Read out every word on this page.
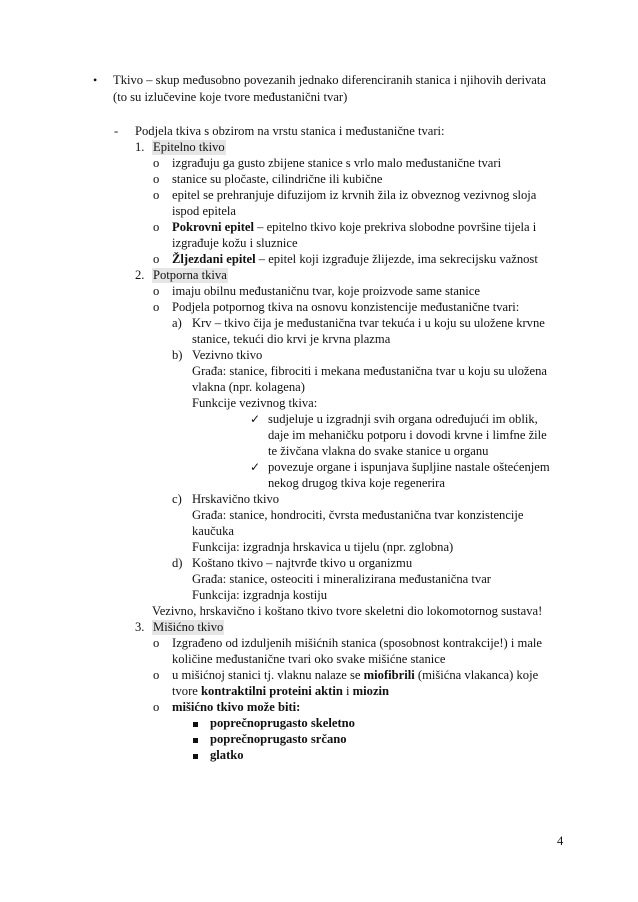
• Tkivo – skup međusobno povezanih jednako diferenciranih stanica i njihovih derivata
(to su izlučevine koje tvore međustanični tvar)
- Podjela tkiva s obzirom na vrstu stanica i međustanične tvari:
1. Epitelno tkivo
o izgrađuju ga gusto zbijene stanice s vrlo malo međustanične tvari
o stanice su pločaste, cilindrične ili kubične
o epitel se prehranjuje difuzijom iz krvnih žila iz obveznog vezivnog sloja
ispod epitela
o Pokrovni epitel – epitelno tkivo koje prekriva slobodne površine tijela i
izgrađuje kožu i sluznice
o Žljezdani epitel – epitel koji izgrađuje žlijezde, ima sekrecijsku važnost
2. Potporna tkiva
o imaju obilnu međustaničnu tvar, koje proizvode same stanice
o Podjela potpornog tkiva na osnovu konzistencije međustanične tvari:
a) Krv – tkivo čija je međustanična tvar tekuća i u koju su uložene krvne
stanice, tekući dio krvi je krvna plazma
b) Vezivno tkivo
Građa: stanice, fibrociti i mekana međustanična tvar u koju su uložena
vlakna (npr. kolagena)
Funkcije vezivnog tkiva:
✓ sudjeluje u izgradnji svih organa određujući im oblik,
daje im mehaničku potporu i dovodi krvne i limfne žile
te živčana vlakna do svake stanice u organu
✓ povezuje organe i ispunjava šupljine nastale oštećenjem
nekog drugog tkiva koje regenerira
c) Hrskavično tkivo
Građa: stanice, hondrociti, čvrsta međustanična tvar konzistencije
kaučuka
Funkcija: izgradnja hrskavica u tijelu (npr. zglobna)
d) Koštano tkivo – najtvrđe tkivo u organizmu
Građa: stanice, osteociti i mineralizirana međustanična tvar
Funkcija: izgradnja kostiju
Vezivno, hrskavično i koštano tkivo tvore skeletni dio lokomotornog sustava!
3. Mišićno tkivo
o Izgrađeno od izduljenih mišićnih stanica (sposobnost kontrakcije!) i male
količine međustanične tvari oko svake mišićne stanice
o u mišićnoj stanici tj. vlaknu nalaze se miofibrili (mišićna vlakanca) koje
tvore kontraktilni proteini aktin i miozin
o mišićno tkivo može biti:
poprečnoprugasto skeletno
poprečnoprugasto srčano
glatko
4
